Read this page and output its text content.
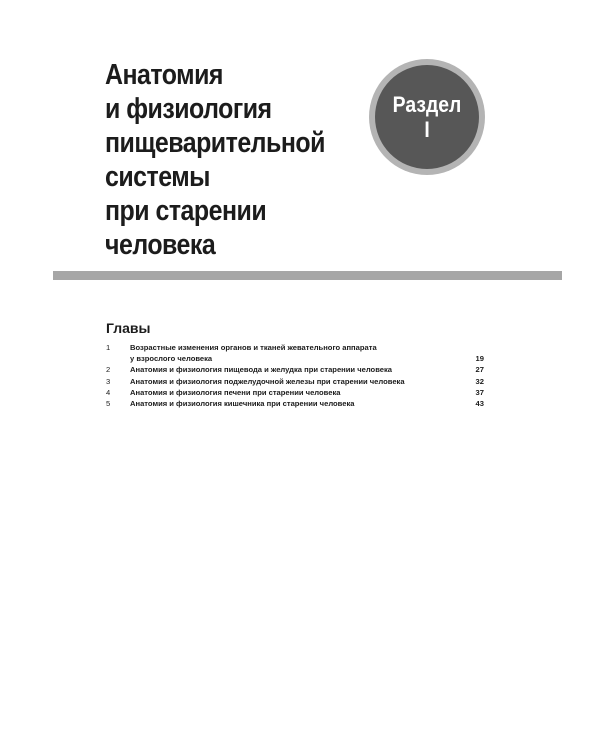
Анатомия
и физиология
пищеварительной
системы
при старении
человека
Раздел
I
Главы
1	Возрастные изменения органов и тканей жевательного аппарата
у взрослого человека	19
2	Анатомия и физиология пищевода и желудка при старении человека	27
3	Анатомия и физиология поджелудочной железы при старении человека	32
4	Анатомия и физиология печени при старении человека	37
5	Анатомия и физиология кишечника при старении человека	43
